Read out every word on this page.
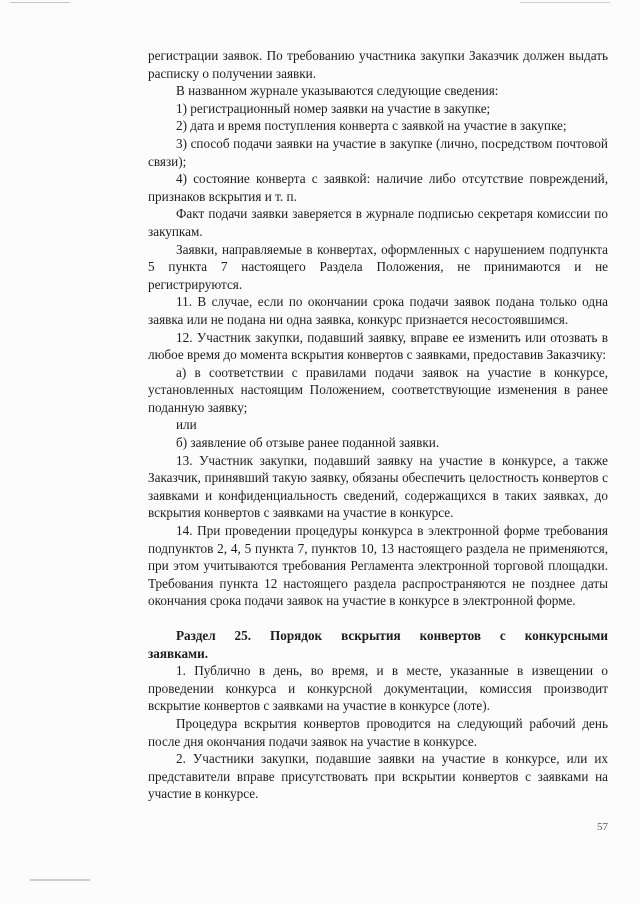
регистрации заявок. По требованию участника закупки Заказчик должен выдать расписку о получении заявки.

В названном журнале указываются следующие сведения:

1) регистрационный номер заявки на участие в закупке;

2) дата и время поступления конверта с заявкой на участие в закупке;

3) способ подачи заявки на участие в закупке (лично, посредством почтовой связи);

4) состояние конверта с заявкой: наличие либо отсутствие повреждений, признаков вскрытия и т. п.

Факт подачи заявки заверяется в журнале подписью секретаря комиссии по закупкам.

Заявки, направляемые в конвертах, оформленных с нарушением подпункта 5 пункта 7 настоящего Раздела Положения, не принимаются и не регистрируются.

11. В случае, если по окончании срока подачи заявок подана только одна заявка или не подана ни одна заявка, конкурс признается несостоявшимся.

12. Участник закупки, подавший заявку, вправе ее изменить или отозвать в любое время до момента вскрытия конвертов с заявками, предоставив Заказчику:

а) в соответствии с правилами подачи заявок на участие в конкурсе, установленных настоящим Положением, соответствующие изменения в ранее поданную заявку;

или

б) заявление об отзыве ранее поданной заявки.

13. Участник закупки, подавший заявку на участие в конкурсе, а также Заказчик, принявший такую заявку, обязаны обеспечить целостность конвертов с заявками и конфиденциальность сведений, содержащихся в таких заявках, до вскрытия конвертов с заявками на участие в конкурсе.

14. При проведении процедуры конкурса в электронной форме требования подпунктов 2, 4, 5 пункта 7, пунктов 10, 13 настоящего раздела не применяются, при этом учитываются требования Регламента электронной торговой площадки. Требования пункта 12 настоящего раздела распространяются не позднее даты окончания срока подачи заявок на участие в конкурсе в электронной форме.

Раздел 25. Порядок вскрытия конвертов с конкурсными заявками.

1. Публично в день, во время, и в месте, указанные в извещении о проведении конкурса и конкурсной документации, комиссия производит вскрытие конвертов с заявками на участие в конкурсе (лоте).

Процедура вскрытия конвертов проводится на следующий рабочий день после дня окончания подачи заявок на участие в конкурсе.

2. Участники закупки, подавшие заявки на участие в конкурсе, или их представители вправе присутствовать при вскрытии конвертов с заявками на участие в конкурсе.

57
